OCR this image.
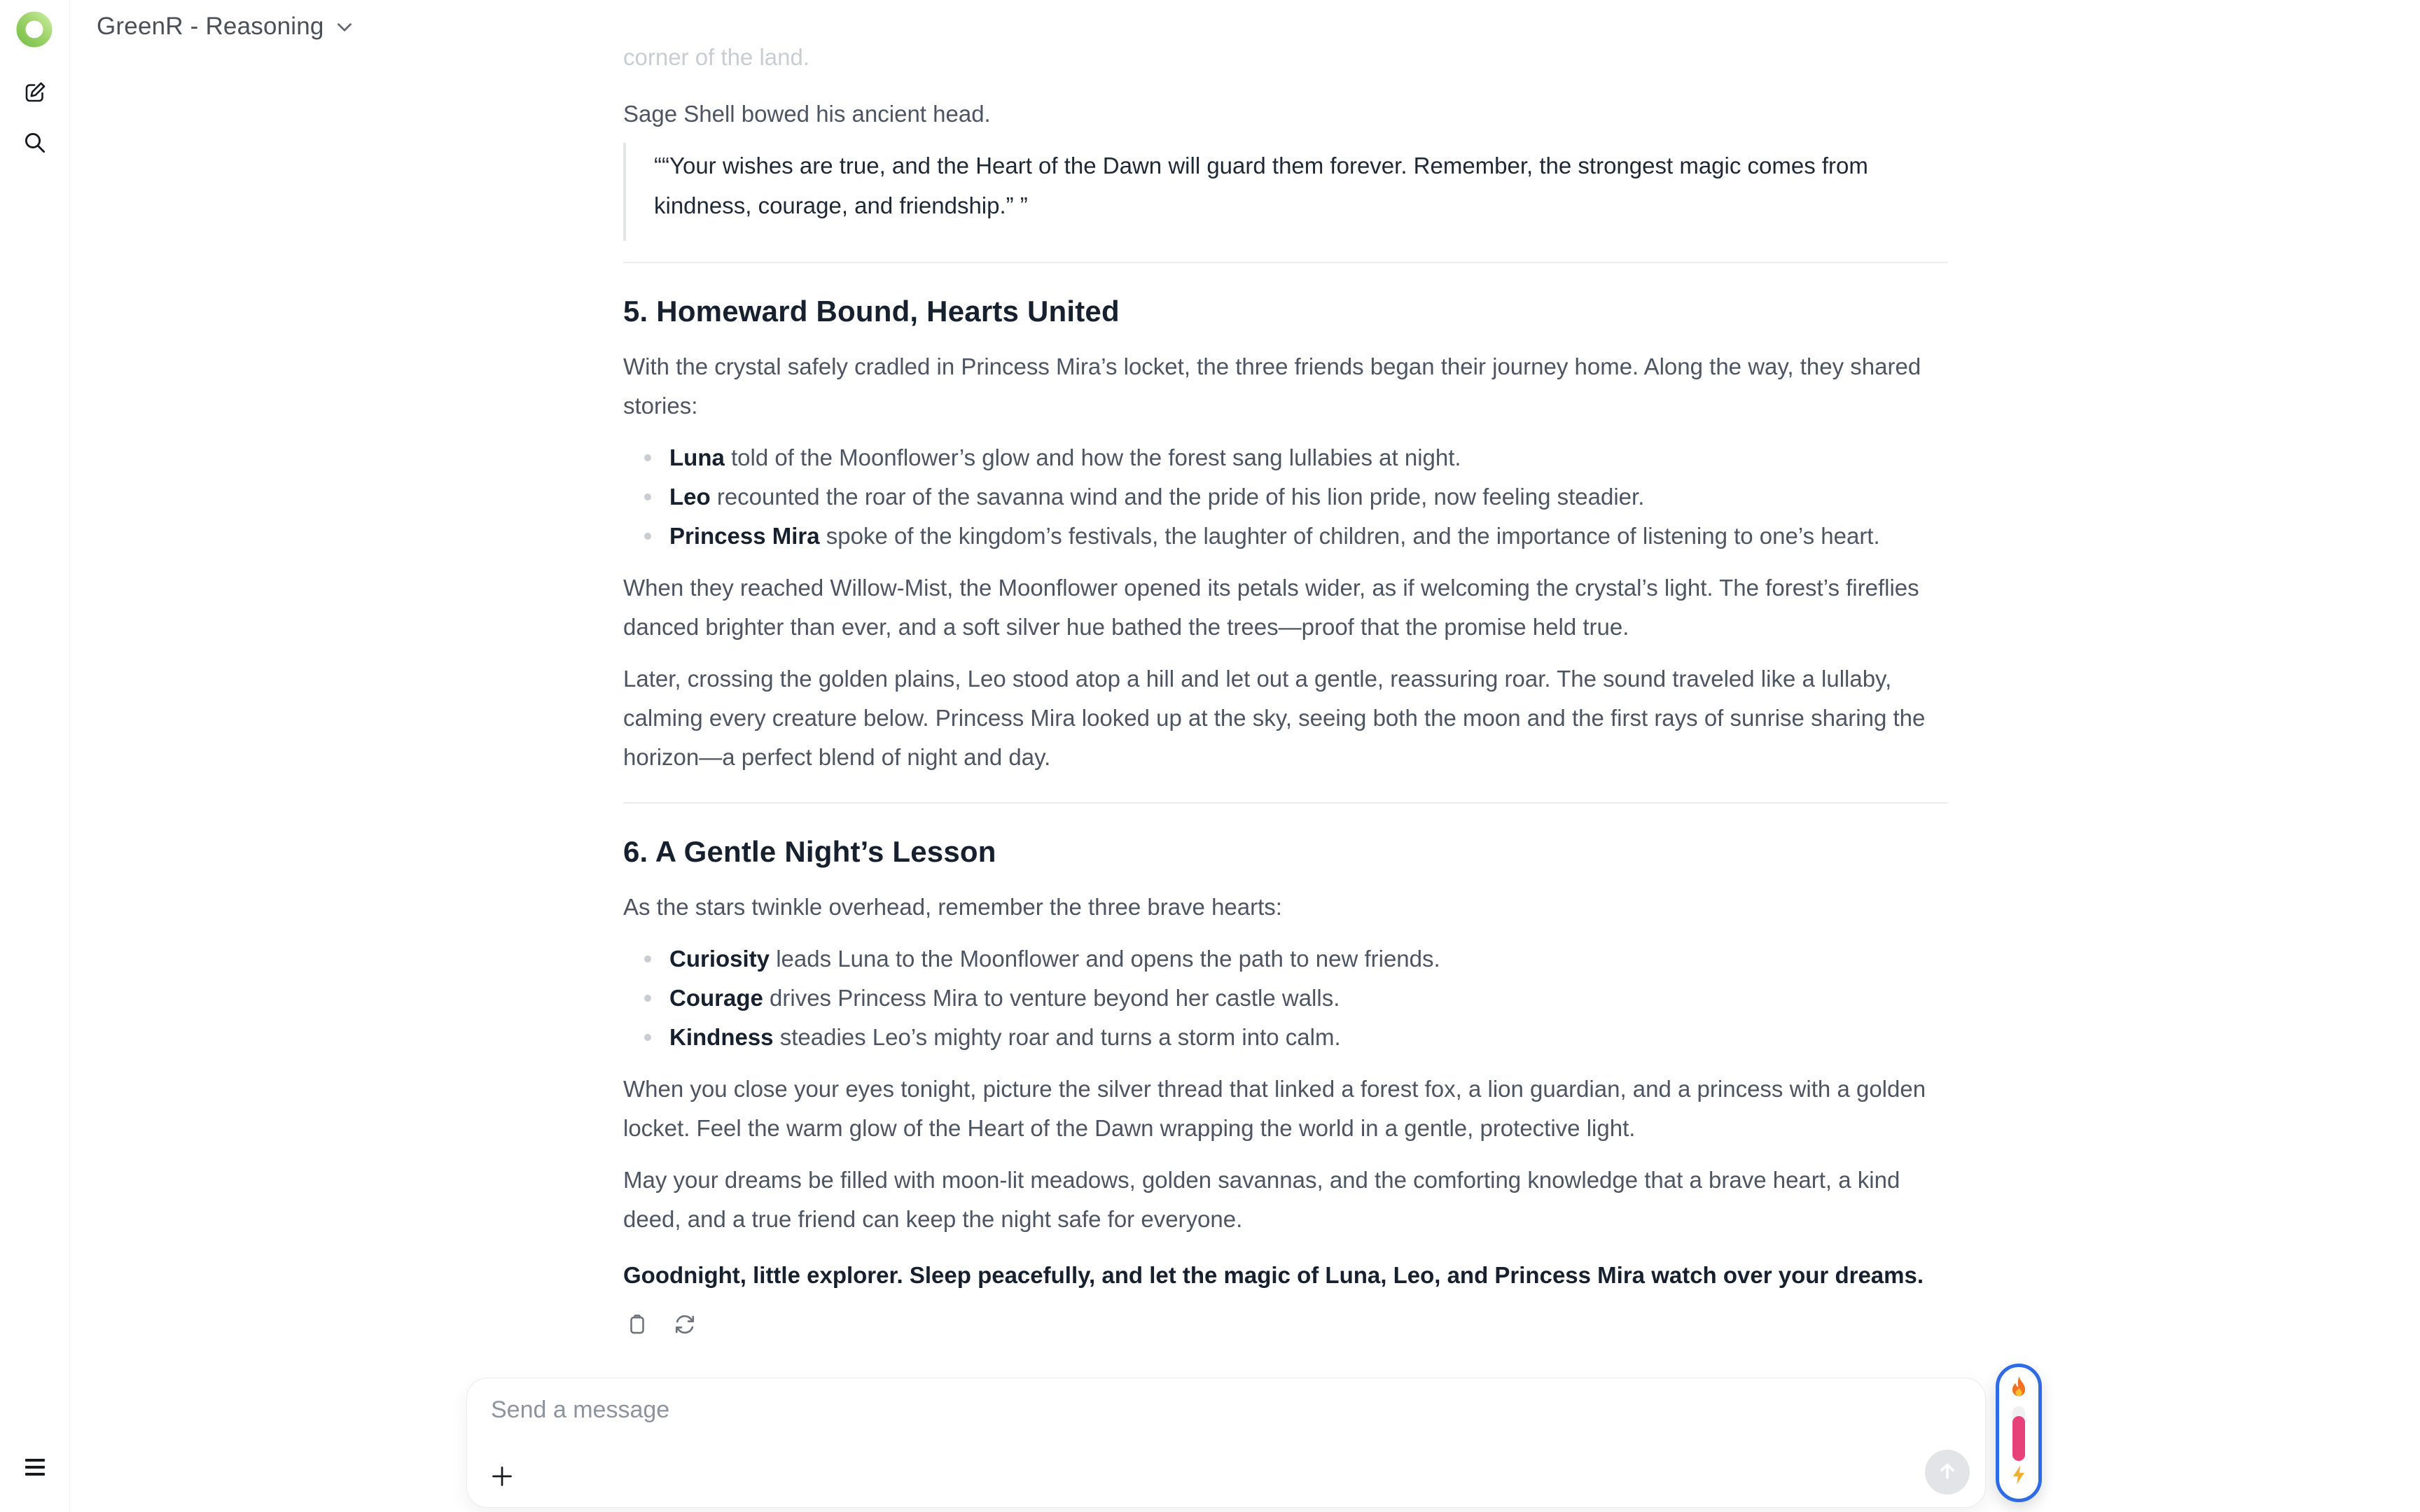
GreenR - Reasoning

corner of the land.

Sage Shell bowed his ancient head.

““Your wishes are true, and the Heart of the Dawn will guard them forever. Remember, the strongest magic comes from kindness, courage, and friendship.” ”

5. Homeward Bound, Hearts United

With the crystal safely cradled in Princess Mira’s locket, the three friends began their journey home. Along the way, they shared stories:

Luna told of the Moonflower’s glow and how the forest sang lullabies at night.
Leo recounted the roar of the savanna wind and the pride of his lion pride, now feeling steadier.
Princess Mira spoke of the kingdom’s festivals, the laughter of children, and the importance of listening to one’s heart.

When they reached Willow-Mist, the Moonflower opened its petals wider, as if welcoming the crystal’s light. The forest’s fireflies danced brighter than ever, and a soft silver hue bathed the trees—proof that the promise held true.

Later, crossing the golden plains, Leo stood atop a hill and let out a gentle, reassuring roar. The sound traveled like a lullaby, calming every creature below. Princess Mira looked up at the sky, seeing both the moon and the first rays of sunrise sharing the horizon—a perfect blend of night and day.

6. A Gentle Night’s Lesson

As the stars twinkle overhead, remember the three brave hearts:

Curiosity leads Luna to the Moonflower and opens the path to new friends.
Courage drives Princess Mira to venture beyond her castle walls.
Kindness steadies Leo’s mighty roar and turns a storm into calm.

When you close your eyes tonight, picture the silver thread that linked a forest fox, a lion guardian, and a princess with a golden locket. Feel the warm glow of the Heart of the Dawn wrapping the world in a gentle, protective light.

May your dreams be filled with moon-lit meadows, golden savannas, and the comforting knowledge that a brave heart, a kind deed, and a true friend can keep the night safe for everyone.

Goodnight, little explorer. Sleep peacefully, and let the magic of Luna, Leo, and Princess Mira watch over your dreams.

Send a message
